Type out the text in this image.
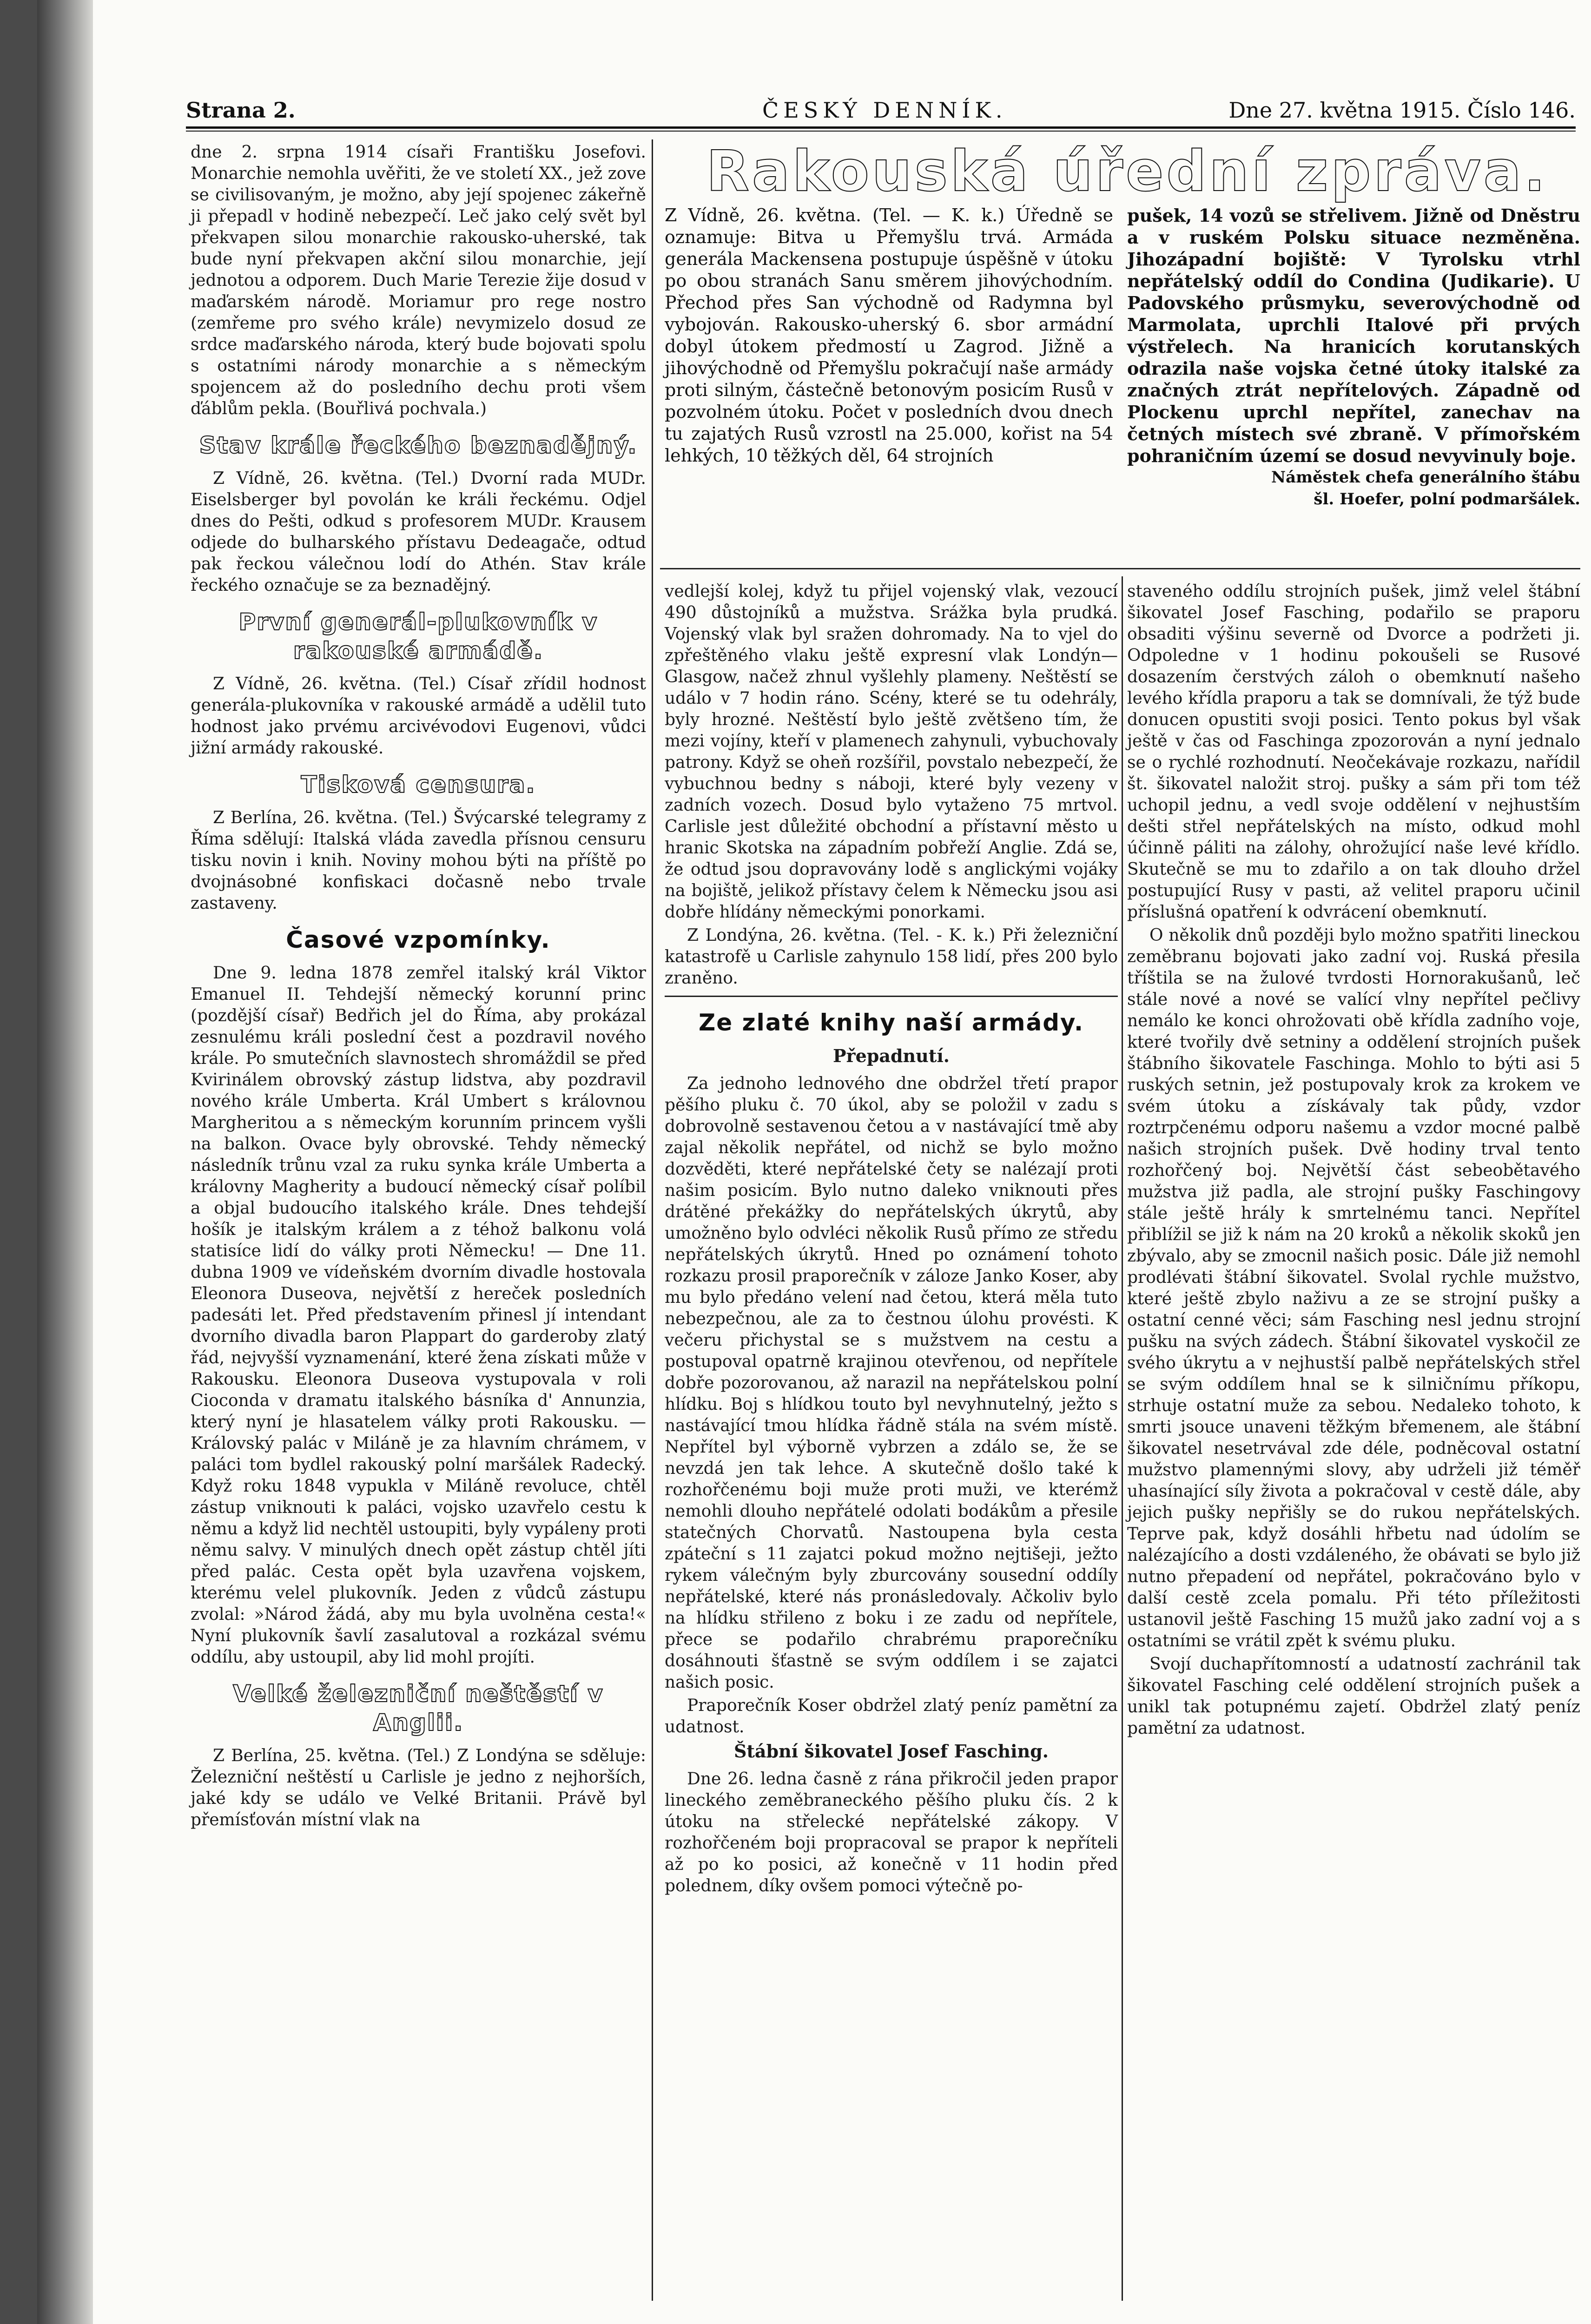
Strana 2.	ČESKÝ DENNÍK.	Dne 27. května 1915. Číslo 146.

dne 2. srpna 1914 císaři Františku Josefovi. Monarchie nemohla uvěřiti, že ve století XX., jež zove se civilisovaným, je možno, aby její spojenec zákeřně ji přepadl v hodině nebezpečí. Leč jako celý svět byl překvapen silou monarchie rakousko-uherské, tak bude nyní překvapen akční silou monarchie, její jednotou a odporem. Duch Marie Terezie žije dosud v maďarském národě. Moriamur pro rege nostro (zemřeme pro svého krále) nevymizelo dosud ze srdce maďarského národa, který bude bojovati spolu s ostatními národy monarchie a s německým spojencem až do posledního dechu proti všem ďáblům pekla. (Bouřlivá pochvala.)

Stav krále řeckého beznadějný.

Z Vídně, 26. května. (Tel.) Dvorní rada MUDr. Eiselsberger byl povolán ke králi řeckému. Odjel dnes do Pešti, odkud s profesorem MUDr. Krausem odjede do bulharského přístavu Dedeagače, odtud pak řeckou válečnou lodí do Athén. Stav krále řeckého označuje se za beznadějný.

První generál-plukovník v rakouské armádě.

Z Vídně, 26. května. (Tel.) Císař zřídil hodnost generála-plukovníka v rakouské armádě a udělil tuto hodnost jako prvému arcivévodovi Eugenovi, vůdci jižní armády rakouské.

Tisková censura.

Z Berlína, 26. května. (Tel.) Švýcarské telegramy z Říma sdělují: Italská vláda zavedla přísnou censuru tisku novin i knih. Noviny mohou býti na příště po dvojnásobné konfiskaci dočasně nebo trvale zastaveny.

Časové vzpomínky.

Dne 9. ledna 1878 zemřel italský král Viktor Emanuel II. Tehdejší německý korunní princ (pozdější císař) Bedřich jel do Říma, aby prokázal zesnulému králi poslední čest a pozdravil nového krále. Po smutečních slavnostech shromáždil se před Kvirinálem obrovský zástup lidstva, aby pozdravil nového krále Umberta. Král Umbert s královnou Margheritou a s německým korunním princem vyšli na balkon. Ovace byly obrovské. Tehdy německý následník trůnu vzal za ruku synka krále Umberta a královny Magherity a budoucí německý císař políbil a objal budoucího italského krále. Dnes tehdejší hošík je italským králem a z téhož balkonu volá statisíce lidí do války proti Německu! — Dne 11. dubna 1909 ve vídeňském dvorním divadle hostovala Eleonora Duseova, největší z hereček posledních padesáti let. Před představením přinesl jí intendant dvorního divadla baron Plappart do garderoby zlatý řád, nejvyšší vyznamenání, které žena získati může v Rakousku. Eleonora Duseova vystupovala v roli Cioconda v dramatu italského básníka d' Annunzia, který nyní je hlasatelem války proti Rakousku. — Královský palác v Miláně je za hlavním chrámem, v paláci tom bydlel rakouský polní maršálek Radecký. Když roku 1848 vypukla v Miláně revoluce, chtěl zástup vniknouti k paláci, vojsko uzavřelo cestu k němu a když lid nechtěl ustoupiti, byly vypáleny proti němu salvy. V minulých dnech opět zástup chtěl jíti před palác. Cesta opět byla uzavřena vojskem, kterému velel plukovník. Jeden z vůdců zástupu zvolal: »Národ žádá, aby mu byla uvolněna cesta!« Nyní plukovník šavlí zasalutoval a rozkázal svému oddílu, aby ustoupil, aby lid mohl projíti.

Velké železniční neštěstí v Anglii.

Z Berlína, 25. května. (Tel.) Z Londýna se sděluje: Železniční neštěstí u Carlisle je jedno z nejhorších, jaké kdy se událo ve Velké Britanii. Právě byl přemísťován místní vlak na

Rakouská úřední zpráva.

Z Vídně, 26. května. (Tel. — K. k.) Úředně se oznamuje: Bitva u Přemyšlu trvá. Armáda generála Mackensena postupuje úspěšně v útoku po obou stranách Sanu směrem jihovýchodním. Přechod přes San východně od Radymna byl vybojován. Rakousko-uherský 6. sbor armádní dobyl útokem předmostí u Zagrod. Jižně a jihovýchodně od Přemyšlu pokračují naše armády proti silným, částečně betonovým posicím Rusů v pozvolném útoku. Počet v posledních dvou dnech tu zajatých Rusů vzrostl na 25.000, kořist na 54 lehkých, 10 těžkých děl, 64 strojních

pušek, 14 vozů se střelivem. Jižně od Dněstru a v ruském Polsku situace nezměněna. Jihozápadní bojiště: V Tyrolsku vtrhl nepřátelský oddíl do Condina (Judikarie). U Padovského průsmyku, severovýchodně od Marmolata, uprchli Italové při prvých výstřelech. Na hranicích korutanských odrazila naše vojska četné útoky italské za značných ztrát nepřítelových. Západně od Plockenu uprchl nepřítel, zanechav na četných místech své zbraně. V přímořském pohraničním území se dosud nevyvinuly boje.

Náměstek chefa generálního štábu

šl. Hoefer, polní podmaršálek.

vedlejší kolej, když tu přijel vojenský vlak, vezoucí 490 důstojníků a mužstva. Srážka byla prudká. Vojenský vlak byl sražen dohromady. Na to vjel do zpřeštěného vlaku ještě expresní vlak Londýn—Glasgow, načež zhnul vyšlehly plameny. Neštěstí se událo v 7 hodin ráno. Scény, které se tu odehrály, byly hrozné. Neštěstí bylo ještě zvětšeno tím, že mezi vojíny, kteří v plamenech zahynuli, vybuchovaly patrony. Když se oheň rozšířil, povstalo nebezpečí, že vybuchnou bedny s náboji, které byly vezeny v zadních vozech. Dosud bylo vytaženo 75 mrtvol. Carlisle jest důležité obchodní a přístavní město u hranic Skotska na západním pobřeží Anglie. Zdá se, že odtud jsou dopravovány lodě s anglickými vojáky na bojiště, jelikož přístavy čelem k Německu jsou asi dobře hlídány německými ponorkami.

Z Londýna, 26. května. (Tel. - K. k.) Při železniční katastrofě u Carlisle zahynulo 158 lidí, přes 200 bylo zraněno.

Ze zlaté knihy naší armády.
Přepadnutí.

Za jednoho lednového dne obdržel třetí prapor pěšího pluku č. 70 úkol, aby se položil v zadu s dobrovolně sestavenou četou a v nastávající tmě aby zajal několik nepřátel, od nichž se bylo možno dozvěděti, které nepřátelské čety se nalézají proti našim posicím. Bylo nutno daleko vniknouti přes drátěné překážky do nepřátelských úkrytů, aby umožněno bylo odvléci několik Rusů přímo ze středu nepřátelských úkrytů. Hned po oznámení tohoto rozkazu prosil praporečník v záloze Janko Koser, aby mu bylo předáno velení nad četou, která měla tuto nebezpečnou, ale za to čestnou úlohu provésti. K večeru přichystal se s mužstvem na cestu a postupoval opatrně krajinou otevřenou, od nepřítele dobře pozorovanou, až narazil na nepřátelskou polní hlídku. Boj s hlídkou touto byl nevyhnutelný, ježto s nastávající tmou hlídka řádně stála na svém místě. Nepřítel byl výborně vybrzen a zdálo se, že se nevzdá jen tak lehce. A skutečně došlo také k rozhořčenému boji muže proti muži, ve kterémž nemohli dlouho nepřátelé odolati bodákům a přesile statečných Chorvatů. Nastoupena byla cesta zpáteční s 11 zajatci pokud možno nejtišeji, ježto rykem válečným byly zburcovány sousední oddíly nepřátelské, které nás pronásledovaly. Ačkoliv bylo na hlídku střileno z boku i ze zadu od nepřítele, přece se podařilo chrabrému praporečníku dosáhnouti šťastně se svým oddílem i se zajatci našich posic.

Praporečník Koser obdržel zlatý peníz pamětní za udatnost.

Štábní šikovatel Josef Fasching.

Dne 26. ledna časně z rána přikročil jeden prapor lineckého zeměbraneckého pěšího pluku čís. 2 k útoku na střelecké nepřátelské zákopy. V rozhořčeném boji propracoval se prapor k nepříteli až po ko posici, až konečně v 11 hodin před polednem, díky ovšem pomoci výtečně po-

staveného oddílu strojních pušek, jimž velel štábní šikovatel Josef Fasching, podařilo se praporu obsaditi výšinu severně od Dvorce a podržeti ji. Odpoledne v 1 hodinu pokoušeli se Rusové dosazením čerstvých záloh o obemknutí našeho levého křídla praporu a tak se domnívali, že týž bude donucen opustiti svoji posici. Tento pokus byl však ještě v čas od Faschinga zpozorován a nyní jednalo se o rychlé rozhodnutí. Neočekávaje rozkazu, nařídil št. šikovatel naložit stroj. pušky a sám při tom též uchopil jednu, a vedl svoje oddělení v nejhustším dešti střel nepřátelských na místo, odkud mohl účinně páliti na zálohy, ohrožující naše levé křídlo. Skutečně se mu to zdařilo a on tak dlouho držel postupující Rusy v pasti, až velitel praporu učinil příslušná opatření k odvrácení obemknutí.

O několik dnů později bylo možno spatřiti lineckou zeměbranu bojovati jako zadní voj. Ruská přesila tříštila se na žulové tvrdosti Hornorakušanů, leč stále nové a nové se valící vlny nepřítel pečlivy nemálo ke konci ohrožovati obě křídla zadního voje, které tvořily dvě setniny a oddělení strojních pušek štábního šikovatele Faschinga. Mohlo to býti asi 5 ruských setnin, jež postupovaly krok za krokem ve svém útoku a získávaly tak půdy, vzdor roztrpčenému odporu našemu a vzdor mocné palbě našich strojních pušek. Dvě hodiny trval tento rozhořčený boj. Největší část sebeobětavého mužstva již padla, ale strojní pušky Faschingovy stále ještě hrály k smrtelnému tanci. Nepřítel přiblížil se již k nám na 20 kroků a několik skoků jen zbývalo, aby se zmocnil našich posic. Dále již nemohl prodlévati štábní šikovatel. Svolal rychle mužstvo, které ještě zbylo naživu a ze se strojní pušky a ostatní cenné věci; sám Fasching nesl jednu strojní pušku na svých zádech. Štábní šikovatel vyskočil ze svého úkrytu a v nejhustší palbě nepřátelských střel se svým oddílem hnal se k silničnímu příkopu, strhuje ostatní muže za sebou. Nedaleko tohoto, k smrti jsouce unaveni těžkým břemenem, ale štábní šikovatel nesetrvával zde déle, podněcoval ostatní mužstvo plamennými slovy, aby udrželi již téměř uhasínající síly života a pokračoval v cestě dále, aby jejich pušky nepřišly se do rukou nepřátelských. Teprve pak, když dosáhli hřbetu nad údolím se nalézajícího a dosti vzdáleného, že obávati se bylo již nutno přepadení od nepřátel, pokračováno bylo v další cestě zcela pomalu. Při této příležitosti ustanovil ještě Fasching 15 mužů jako zadní voj a s ostatními se vrátil zpět k svému pluku.

Svojí duchapřítomností a udatností zachránil tak šikovatel Fasching celé oddělení strojních pušek a unikl tak potupnému zajetí. Obdržel zlatý peníz pamětní za udatnost.
